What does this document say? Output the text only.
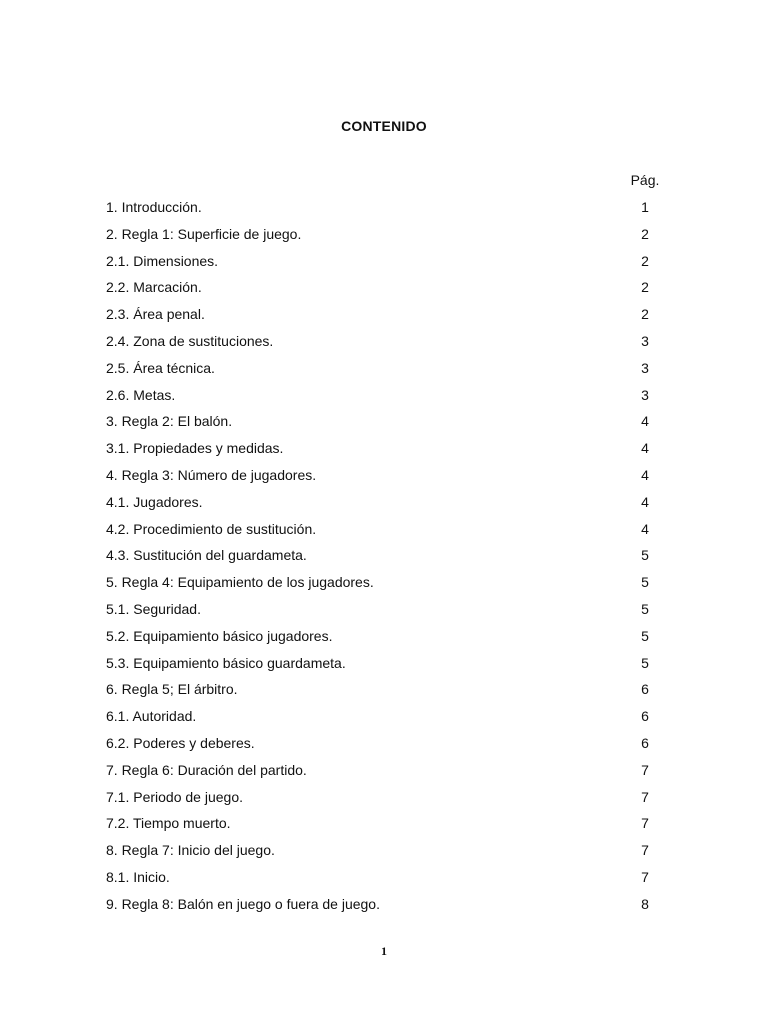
CONTENIDO
Pág.
1. Introducción.	1
2. Regla 1: Superficie de juego.	2
2.1. Dimensiones.	2
2.2. Marcación.	2
2.3. Área penal.	2
2.4. Zona de sustituciones.	3
2.5. Área técnica.	3
2.6. Metas.	3
3. Regla 2: El balón.	4
3.1. Propiedades y medidas.	4
4. Regla 3: Número de jugadores.	4
4.1. Jugadores.	4
4.2. Procedimiento de sustitución.	4
4.3. Sustitución del guardameta.	5
5. Regla 4: Equipamiento de los jugadores.	5
5.1. Seguridad.	5
5.2. Equipamiento básico jugadores.	5
5.3. Equipamiento básico guardameta.	5
6. Regla 5; El árbitro.	6
6.1. Autoridad.	6
6.2. Poderes y deberes.	6
7. Regla 6: Duración del partido.	7
7.1. Periodo de juego.	7
7.2. Tiempo muerto.	7
8. Regla 7: Inicio del juego.	7
8.1. Inicio.	7
9. Regla 8: Balón en juego o fuera de juego.	8
1
